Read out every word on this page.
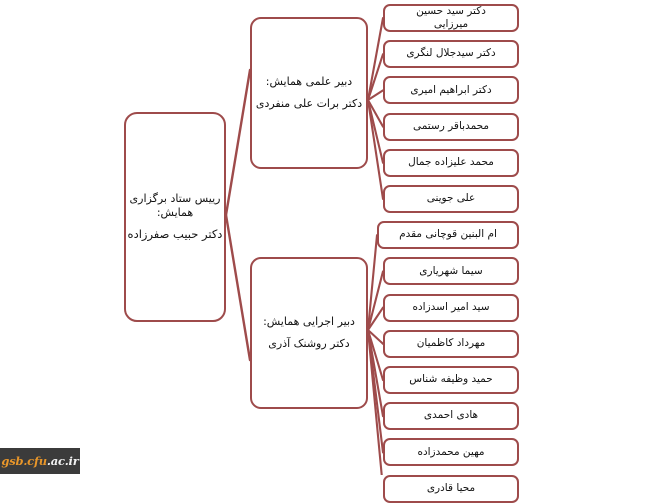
رییس ستاد برگزاری همایش:
دکتر حبیب صفرزاده
دبیر علمی همایش:
دکتر برات علی منفردی
دبیر اجرایی همایش:
دکتر روشنک آذری
دکتر سید حسین
میرزایی
دکتر سیدجلال لنگری
دکتر ابراهیم امیری
محمدباقر رستمی
محمد علیزاده جمال
علی جوینی
ام البنین قوچانی مقدم
سیما شهریاری
سید امیر اسدزاده
مهرداد کاظمیان
حمید وظیفه شناس
هادی احمدی
مهین محمدزاده
محیا قادری
gsb.cfu.ac.ir
